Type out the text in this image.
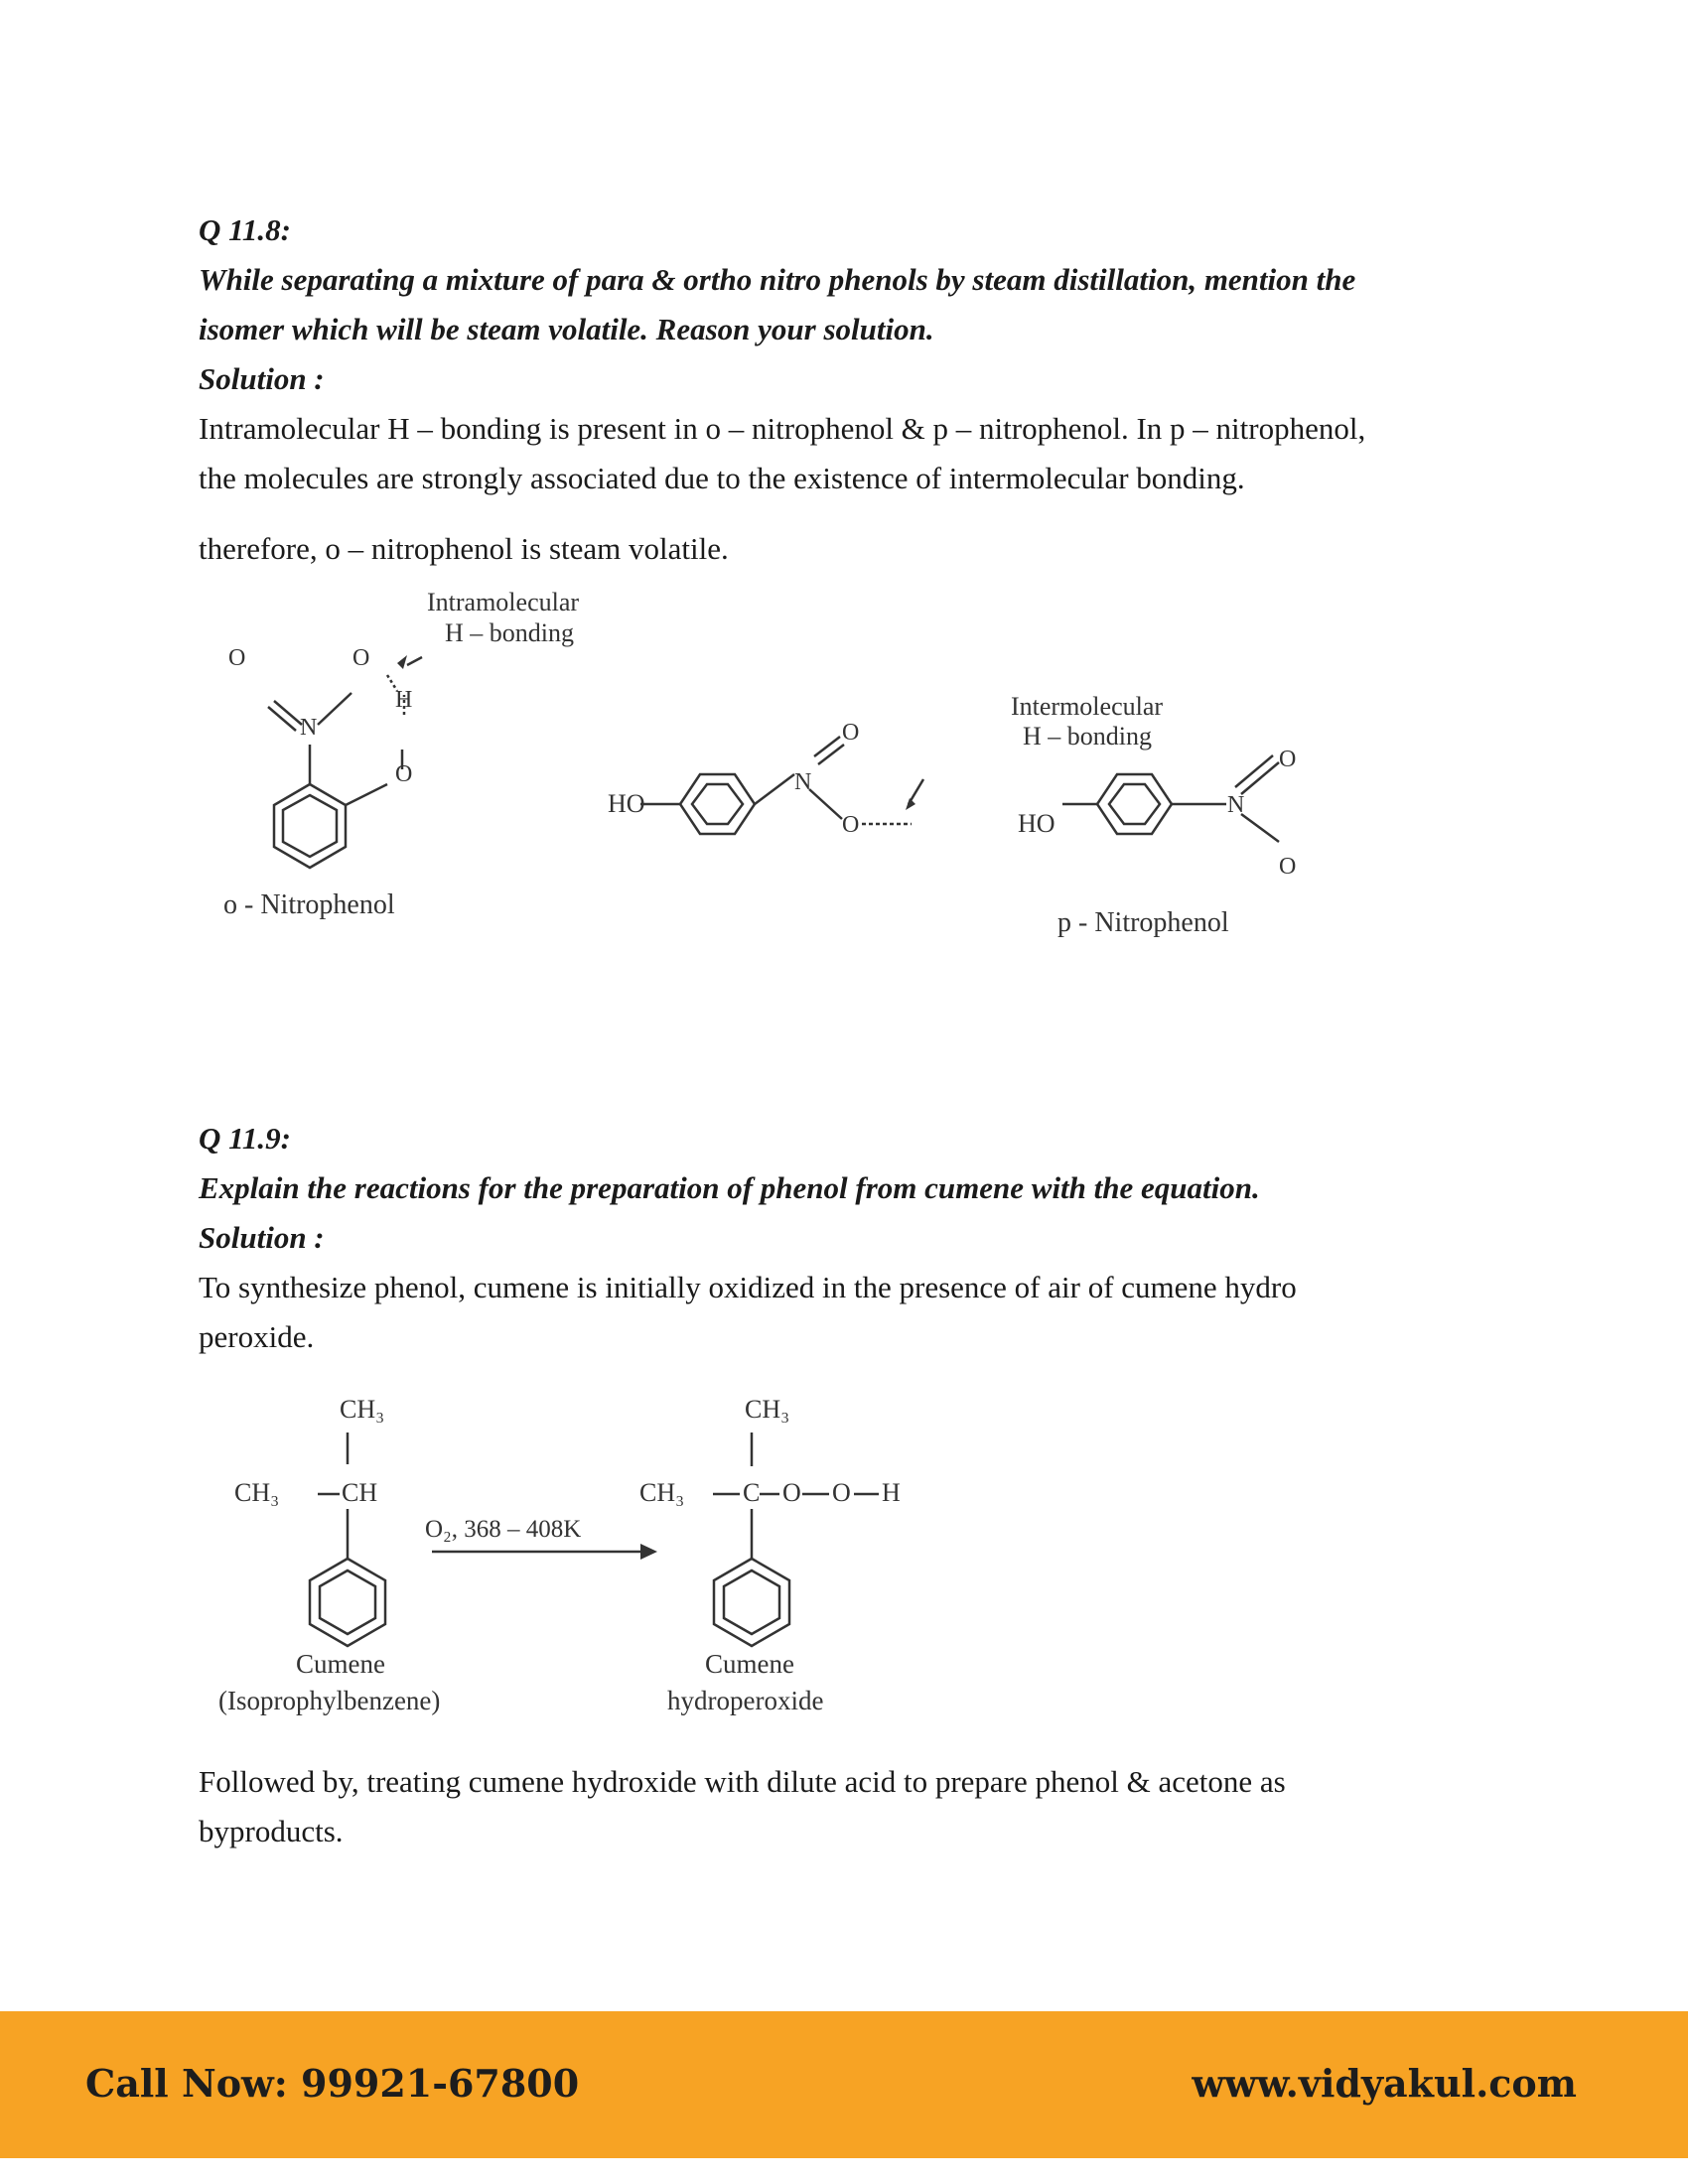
Q 11.8:

While separating a mixture of para & ortho nitro phenols by steam distillation, mention the

isomer which will be steam volatile. Reason your solution.

Solution :

Intramolecular H – bonding is present in o – nitrophenol & p – nitrophenol. In p – nitrophenol,

the molecules are strongly associated due to the existence of intermolecular bonding.

therefore, o – nitrophenol is steam volatile.

Intramolecular
H – bonding
O	O
N
H
O
o - Nitrophenol
HO
N
O
O
Intermolecular
H – bonding
HO
N
O
O
p - Nitrophenol

Q 11.9:

Explain the reactions for the preparation of phenol from cumene with the equation.

Solution :

To synthesize phenol, cumene is initially oxidized in the presence of air of cumene hydro

peroxide.

CH₃
CH₃ CH
O₂, 368 – 408K
CH₃
CH₃ C O O H
Cumene
(Isoprophylbenzene)
Cumene
hydroperoxide

Followed by, treating cumene hydroxide with dilute acid to prepare phenol & acetone as

byproducts.

Call Now: 99921-67800	www.vidyakul.com
